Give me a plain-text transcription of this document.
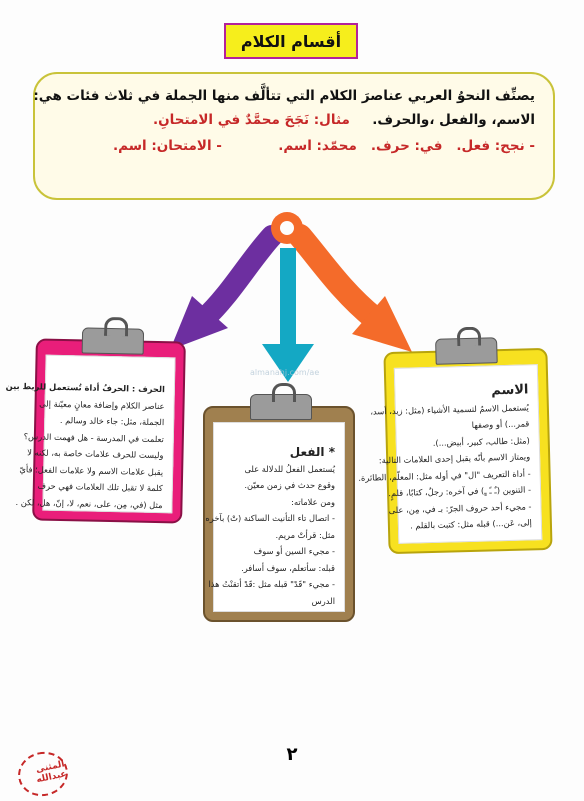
أقسام الكلام
يصنِّف النحوُ العربي عناصرَ الكلام التي تتألَّف منها الجملة في ثلاث فئات هي:
الاسم، والفعل ،والحرف.
مثال: نَجَحَ محمَّدٌ في الامتحانِ.
- نجح: فعل.
في: حرف.
محمّد: اسم.
- الامتحان: اسم.
almanahj.com/ae
الحرف : الحرفُ أداة تُستعمل للربط بين
عناصر الكلام وإضافة معانٍ معيّنة إلى
الجملة، مثل: جاء خالد وسالم .
تعلمت في المدرسة - هل فهمت الدرس؟
وليست للحرف علامات خاصة به، لكنه لا
يقبل علامات الاسم ولا علامات الفعل؛ فأيّ
كلمة لا تقبل تلك العلامات فهي حرف
مثل (في، مِن، على، نعم، لا، إنّ، هل، لكن .
* الفعل
يُستعمل الفعلُ للدلالة على
وقوع حدث في زمن معيّن.
ومن علاماته:
- اتصال تاء التأنيث الساكنة (تْ) بآخره
مثل: قرأتْ مريم.
- مجيء السين أو سوف
قبله: سأتعلم، سوف أسافر.
- مجيء "قَدْ" قبله مثل :قَدْ أتقنْتُ هذا
الدرس
الاسم
يُستعمل الاسمُ لتسمية الأشياء (مثل: زيد، أسد،
قمر...) أو وصفها
(مثل: طالب، كبير، أبيض...).
ويمتاز الاسم بأنّه يقبل إحدى العلامات التالية:
- أداة التعريف "ال" في أوله مثل: المعلّم، الطائرة.
- التنوين (ـٌ ـً ـٍ) في آخره: رجلٌ، كتابًا، قلمٍ.
- مجيء أحد حروف الجرّ: بـ في، مِن، على
إلى، عَن...) قبله مثل: كتبت بالقلم .
٢
المثنى عبدالله
